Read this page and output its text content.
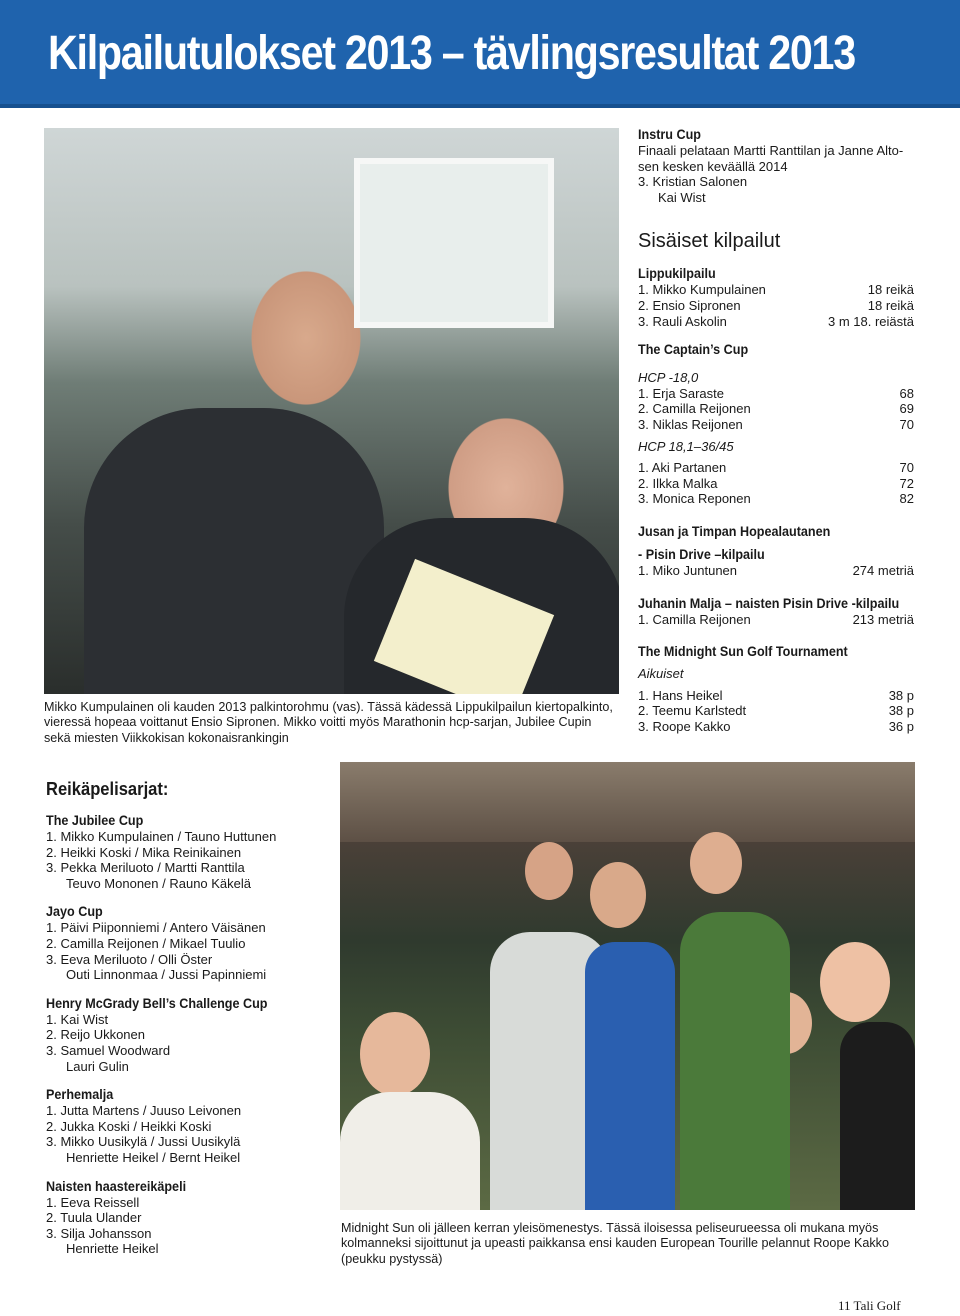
Kilpailutulokset 2013 – tävlingsresultat 2013
Mikko Kumpulainen oli kauden 2013 palkintorohmu (vas). Tässä kädessä Lippukilpailun kiertopalkinto, vieressä hopeaa voittanut Ensio Sipronen. Mikko voitti myös Marathonin hcp-sarjan, Jubilee Cupin sekä miesten Viikkokisan kokonaisrankingin
Instru Cup
Finaali pelataan Martti Ranttilan ja Janne Alto-
sen kesken keväällä 2014
3. Kristian Salonen
Kai Wist
Sisäiset kilpailut
Lippukilpailu
1. Mikko Kumpulainen	18 reikä
2. Ensio Sipronen	18 reikä
3. Rauli Askolin	3 m 18. reiästä
The Captain’s Cup
HCP -18,0
1. Erja Saraste	68
2. Camilla Reijonen	69
3. Niklas Reijonen	70
HCP 18,1–36/45
1. Aki Partanen	70
2. Ilkka Malka	72
3. Monica Reponen	82
Jusan ja Timpan Hopealautanen
- Pisin Drive –kilpailu
1. Miko Juntunen	274 metriä
Juhanin Malja – naisten Pisin Drive -kilpailu
1. Camilla Reijonen	213 metriä
The Midnight Sun Golf Tournament
Aikuiset
1. Hans Heikel	38 p
2. Teemu Karlstedt	38 p
3. Roope Kakko	36 p
Reikäpelisarjat:
The Jubilee Cup
1. Mikko Kumpulainen / Tauno Huttunen
2. Heikki Koski / Mika Reinikainen
3. Pekka Meriluoto / Martti Ranttila
Teuvo Mononen / Rauno Käkelä
Jayo Cup
1. Päivi Piiponniemi / Antero Väisänen
2. Camilla Reijonen / Mikael Tuulio
3. Eeva Meriluoto / Olli Öster
Outi Linnonmaa / Jussi Papinniemi
Henry McGrady Bell’s Challenge Cup
1. Kai Wist
2. Reijo Ukkonen
3. Samuel Woodward
Lauri Gulin
Perhemalja
1. Jutta Martens / Juuso Leivonen
2. Jukka Koski / Heikki Koski
3. Mikko Uusikylä / Jussi Uusikylä
Henriette Heikel / Bernt Heikel
Naisten haastereikäpeli
1. Eeva Reissell
2. Tuula Ulander
3. Silja Johansson
Henriette Heikel
Midnight Sun oli jälleen kerran yleisömenestys. Tässä iloisessa peliseurueessa oli mukana myös kolmanneksi sijoittunut ja upeasti paikkansa ensi kauden European Tourille pelannut Roope Kakko (peukku pystyssä)
11 Tali Golf
